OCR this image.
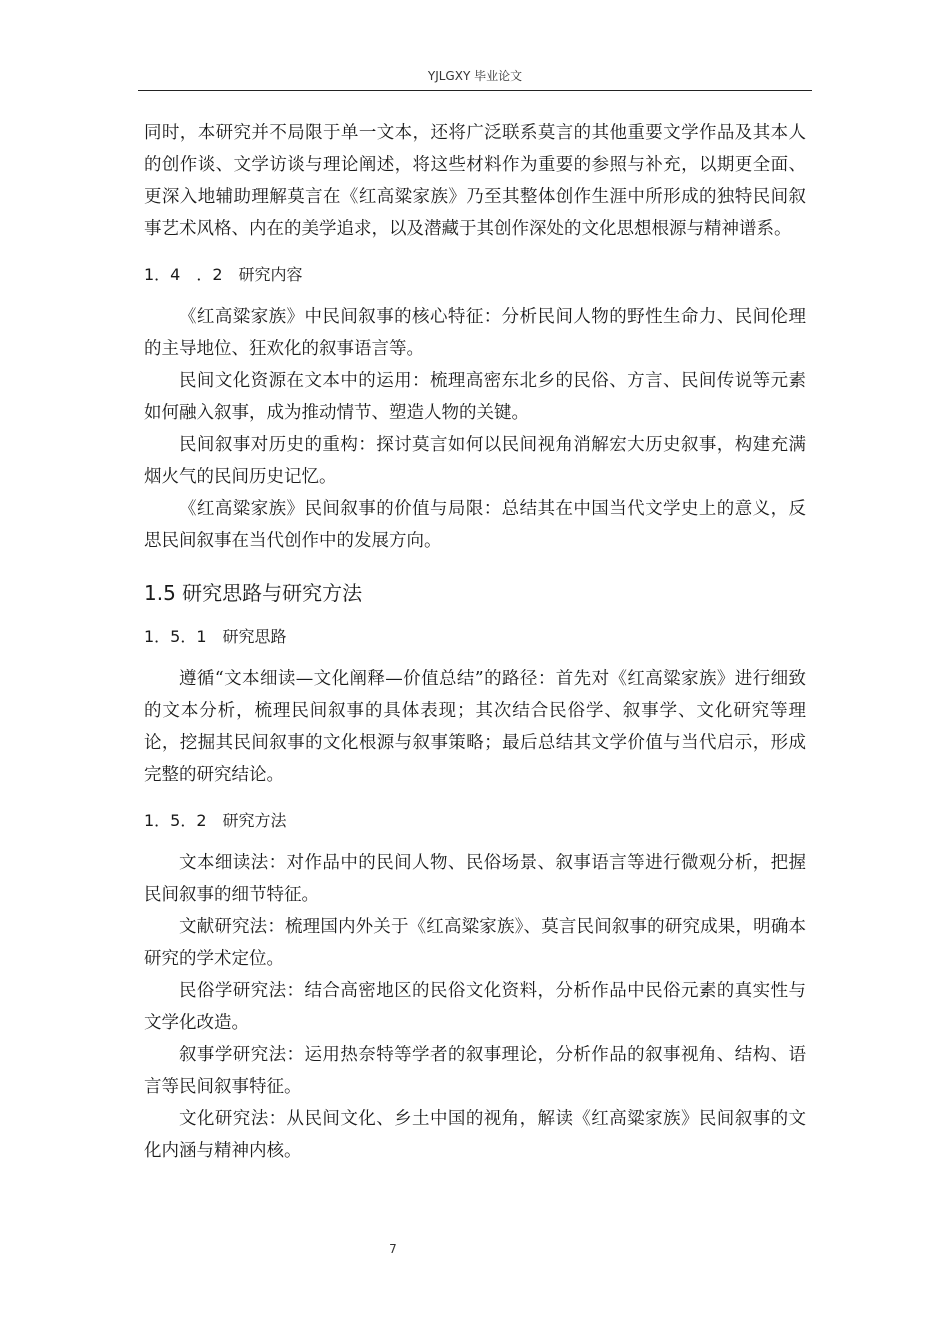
YJLGXY 毕业论文

同时，本研究并不局限于单一文本，还将广泛联系莫言的其他重要文学作品及其本人的创作谈、文学访谈与理论阐述，将这些材料作为重要的参照与补充，以期更全面、更深入地辅助理解莫言在《红高粱家族》乃至其整体创作生涯中所形成的独特民间叙事艺术风格、内在的美学追求，以及潜藏于其创作深处的文化思想根源与精神谱系。

1．4　．2　研究内容

《红高粱家族》中民间叙事的核心特征：分析民间人物的野性生命力、民间伦理的主导地位、狂欢化的叙事语言等。

民间文化资源在文本中的运用：梳理高密东北乡的民俗、方言、民间传说等元素如何融入叙事，成为推动情节、塑造人物的关键。

民间叙事对历史的重构：探讨莫言如何以民间视角消解宏大历史叙事，构建充满烟火气的民间历史记忆。

《红高粱家族》民间叙事的价值与局限：总结其在中国当代文学史上的意义，反思民间叙事在当代创作中的发展方向。

1.5 研究思路与研究方法
1．5．1　研究思路

遵循“文本细读—文化阐释—价值总结”的路径：首先对《红高粱家族》进行细致的文本分析，梳理民间叙事的具体表现；其次结合民俗学、叙事学、文化研究等理论，挖掘其民间叙事的文化根源与叙事策略；最后总结其文学价值与当代启示，形成完整的研究结论。

1．5．2　研究方法

文本细读法：对作品中的民间人物、民俗场景、叙事语言等进行微观分析，把握民间叙事的细节特征。

文献研究法：梳理国内外关于《红高粱家族》、莫言民间叙事的研究成果，明确本研究的学术定位。

民俗学研究法：结合高密地区的民俗文化资料，分析作品中民俗元素的真实性与文学化改造。

叙事学研究法：运用热奈特等学者的叙事理论，分析作品的叙事视角、结构、语言等民间叙事特征。

文化研究法：从民间文化、乡土中国的视角，解读《红高粱家族》民间叙事的文化内涵与精神内核。

7
